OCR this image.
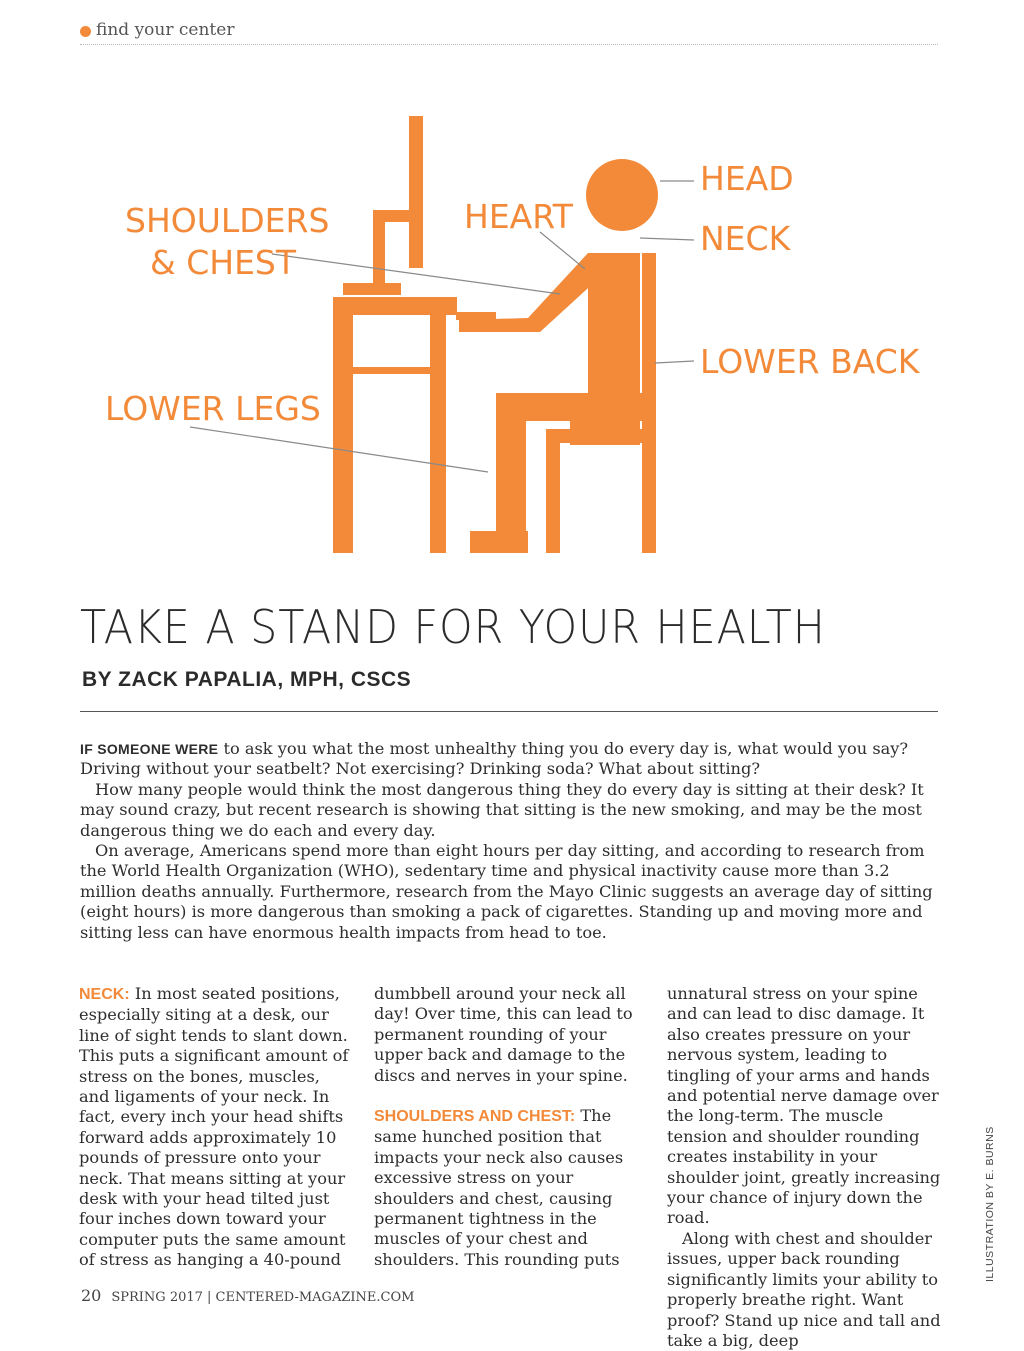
find your center
SHOULDERS
& CHEST
HEART
HEAD
NECK
LOWER BACK
LOWER LEGS
TAKE A STAND FOR YOUR HEALTH
BY ZACK PAPALIA, MPH, CSCS

IF SOMEONE WERE to ask you what the most unhealthy thing you do every day is, what would you say? Driving without your seatbelt? Not exercising? Drinking soda? What about sitting?

How many people would think the most dangerous thing they do every day is sitting at their desk? It may sound crazy, but recent research is showing that sitting is the new smoking, and may be the most dangerous thing we do each and every day.

On average, Americans spend more than eight hours per day sitting, and according to research from the World Health Organization (WHO), sedentary time and physical inactivity cause more than 3.2 million deaths annually. Furthermore, research from the Mayo Clinic suggests an average day of sitting (eight hours) is more dangerous than smoking a pack of cigarettes. Standing up and moving more and sitting less can have enormous health impacts from head to toe.

NECK: In most seated positions, especially siting at a desk, our line of sight tends to slant down. This puts a significant amount of stress on the bones, muscles, and ligaments of your neck. In fact, every inch your head shifts forward adds approximately 10 pounds of pressure onto your neck. That means sitting at your desk with your head tilted just four inches down toward your computer puts the same amount of stress as hanging a 40-pound

dumbbell around your neck all day! Over time, this can lead to permanent rounding of your upper back and damage to the discs and nerves in your spine.

SHOULDERS AND CHEST: The same hunched position that impacts your neck also causes excessive stress on your shoulders and chest, causing permanent tightness in the muscles of your chest and shoulders. This rounding puts

unnatural stress on your spine and can lead to disc damage. It also creates pressure on your nervous system, leading to tingling of your arms and hands and potential nerve damage over the long-term. The muscle tension and shoulder rounding creates instability in your shoulder joint, greatly increasing your chance of injury down the road.

Along with chest and shoulder issues, upper back rounding significantly limits your ability to properly breathe right. Want proof? Stand up nice and tall and take a big, deep

ILLUSTRATION BY E. BURNS
20 SPRING 2017 | CENTERED-MAGAZINE.COM
